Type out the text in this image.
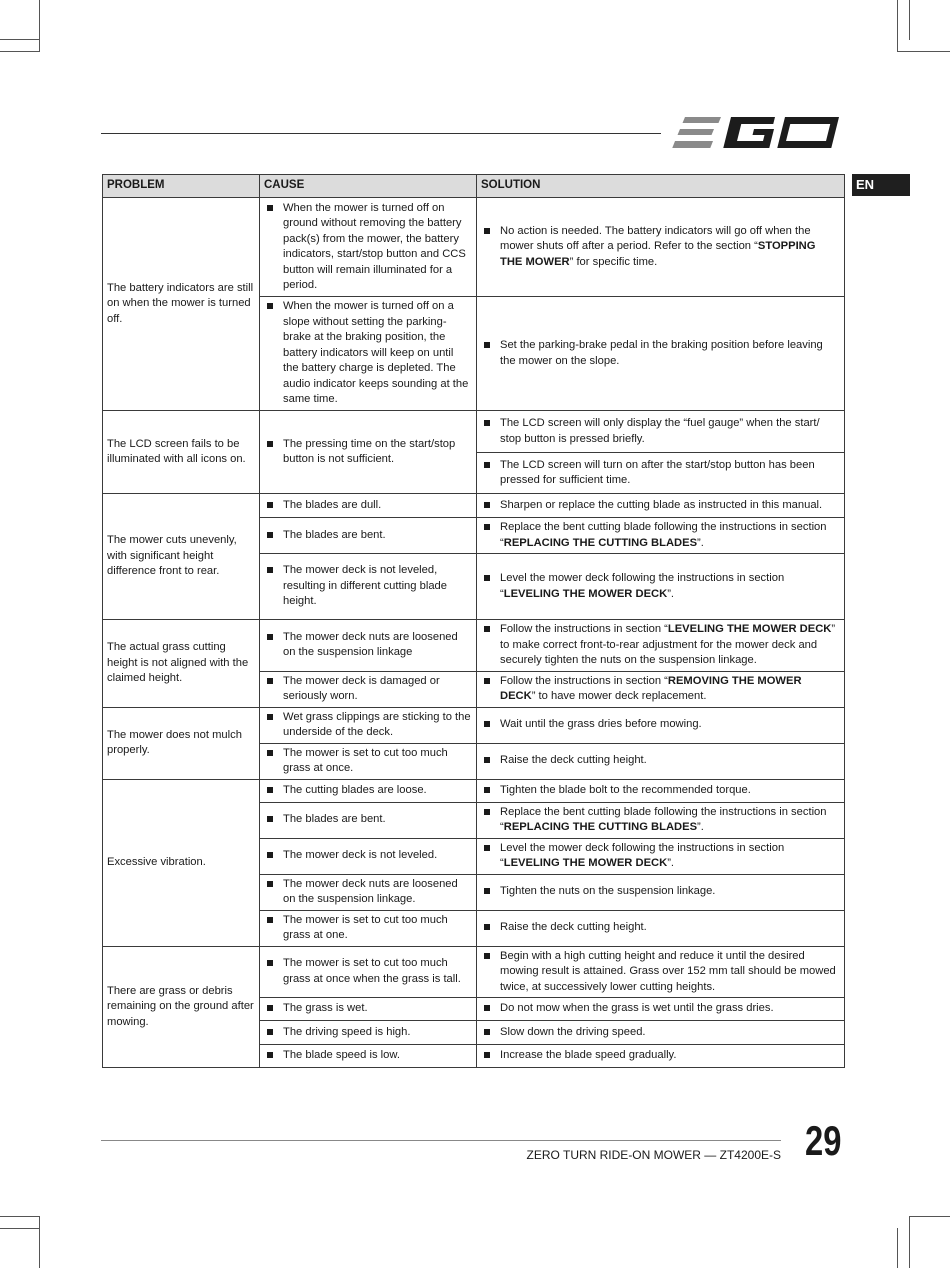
EN
PROBLEM	CAUSE	SOLUTION
The battery indicators are still on when the mower is turned off.	When the mower is turned off on ground without removing the battery pack(s) from the mower, the battery indicators, start/stop button and CCS button will remain illuminated for a period.	No action is needed. The battery indicators will go off when the mower shuts off after a period. Refer to the section “STOPPING THE MOWER” for specific time.

	When the mower is turned off on a slope without setting the parking-brake at the braking position, the battery indicators will keep on until the battery charge is depleted. The audio indicator keeps sounding at the same time.	Set the parking-brake pedal in the braking position before leaving the mower on the slope.

The LCD screen fails to be illuminated with all icons on.	The pressing time on the start/stop button is not sufficient.	The LCD screen will only display the “fuel gauge” when the start/ stop button is pressed briefly.

		The LCD screen will turn on after the start/stop button has been pressed for sufficient time.

The mower cuts unevenly, with significant height difference front to rear.	The blades are dull.	Sharpen or replace the cutting blade as instructed in this manual.

	The blades are bent.	Replace the bent cutting blade following the instructions in section “REPLACING THE CUTTING BLADES”.

	The mower deck is not leveled, resulting in different cutting blade height.	Level the mower deck following the instructions in section “LEVELING THE MOWER DECK”.

The actual grass cutting height is not aligned with the claimed height.	The mower deck nuts are loosened on the suspension linkage	Follow the instructions in section “LEVELING THE MOWER DECK” to make correct front-to-rear adjustment for the mower deck and securely tighten the nuts on the suspension linkage.

	The mower deck is damaged or seriously worn.	Follow the instructions in section “REMOVING THE MOWER DECK” to have mower deck replacement.

The mower does not mulch properly.	Wet grass clippings are sticking to the underside of the deck.	Wait until the grass dries before mowing.

	The mower is set to cut too much grass at once.	Raise the deck cutting height.

Excessive vibration.	The cutting blades are loose.	Tighten the blade bolt to the recommended torque.

	The blades are bent.	Replace the bent cutting blade following the instructions in section “REPLACING THE CUTTING BLADES”.

	The mower deck is not leveled.	Level the mower deck following the instructions in section “LEVELING THE MOWER DECK”.

	The mower deck nuts are loosened on the suspension linkage.	Tighten the nuts on the suspension linkage.

	The mower is set to cut too much grass at one.	Raise the deck cutting height.

There are grass or debris remaining on the ground after mowing.	The mower is set to cut too much grass at once when the grass is tall.	Begin with a high cutting height and reduce it until the desired mowing result is attained. Grass over 152 mm tall should be mowed twice, at successively lower cutting heights.

	The grass is wet.	Do not mow when the grass is wet until the grass dries.

	The driving speed is high.	Slow down the driving speed.

	The blade speed is low.	Increase the blade speed gradually.
ZERO TURN RIDE-ON MOWER — ZT4200E-S 29
